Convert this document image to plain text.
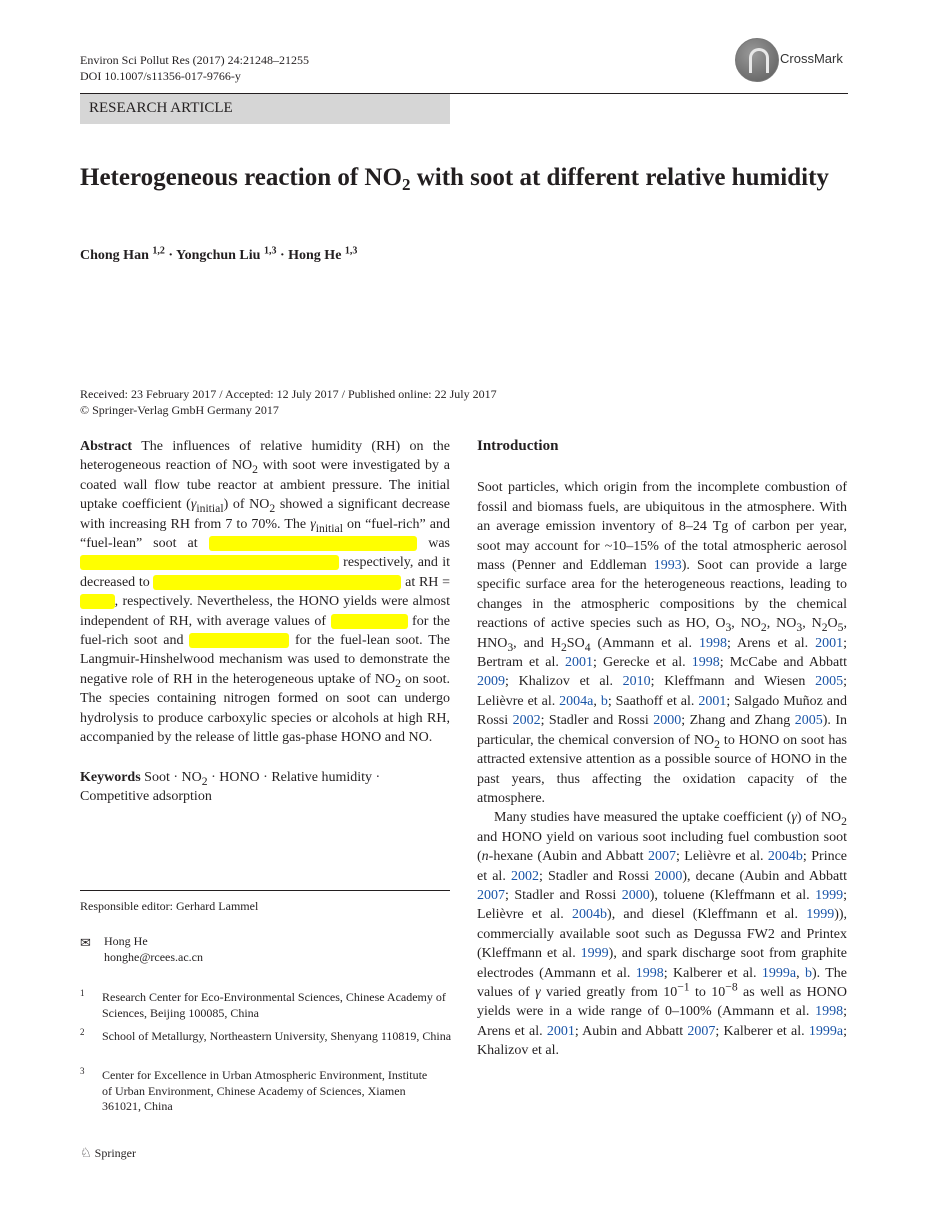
Environ Sci Pollut Res (2017) 24:21248–21255
DOI 10.1007/s11356-017-9766-y
CrossMark
RESEARCH ARTICLE
Heterogeneous reaction of $NO_2$ with soot at different relative humidity
Chong Han $^{1,2}$ · Yongchun Liu $^{1,3}$ · Hong He $^{1,3}$
Received: 23 February 2017 / Accepted: 12 July 2017 / Published online: 22 July 2017
© Springer-Verlag GmbH Germany 2017
Abstract The influences of relative humidity (RH) on the heterogeneous reaction of $NO_2$ with soot were investigated by a coated wall flow tube reactor at ambient pressure. The initial uptake coefficient $(\gamma_{initial})$ of $NO_2$ showed a significant decrease with increasing RH from 7 to 70%. The $\gamma_{initial}$ on “fuel-rich” and “fuel-lean” soot at	was                                                              respectively, and it decreased to	at RH =         , respectively. Nevertheless, the HONO yields were almost independent of RH, with average values of	for the fuel-rich soot and	for the fuel-lean soot. The Langmuir-Hinshelwood mechanism was used to demonstrate the negative role of RH in the heterogeneous uptake of $NO_2$ on soot. The species containing nitrogen formed on soot can undergo hydrolysis to produce carboxylic species or alcohols at high RH, accompanied by the release of little gas-phase HONO and NO.
Keywords Soot · $NO_2$ · HONO · Relative humidity · Competitive adsorption
Responsible editor: Gerhard Lammel
✉ Hong He
honghe@rcees.ac.cn
1 Research Center for Eco-Environmental Sciences, Chinese Academy of Sciences, Beijing 100085, China
2 School of Metallurgy, Northeastern University, Shenyang 110819, China
3 Center for Excellence in Urban Atmospheric Environment, Institute of Urban Environment, Chinese Academy of Sciences, Xiamen 361021, China
Introduction
Soot particles, which origin from the incomplete combustion of fossil and biomass fuels, are ubiquitous in the atmosphere. With an average emission inventory of 8–24 Tg of carbon per year, soot may account for ~10–15% of the total atmospheric aerosol mass (Penner and Eddleman 1993). Soot can provide a large specific surface area for the heterogeneous reactions, leading to changes in the atmospheric compositions by the chemical reactions of active species such as HO, $O_3$, $NO_2$, $NO_3$, $N_2O_5$, $HNO_3$, and $H_2SO_4$ (Ammann et al. 1998; Arens et al. 2001; Bertram et al. 2001; Gerecke et al. 1998; McCabe and Abbatt 2009; Khalizov et al. 2010; Kleffmann and Wiesen 2005; Lelièvre et al. 2004a, b; Saathoff et al. 2001; Salgado Muñoz and Rossi 2002; Stadler and Rossi 2000; Zhang and Zhang 2005). In particular, the chemical conversion of $NO_2$ to HONO on soot has attracted extensive attention as a possible source of HONO in the past years, thus affecting the oxidation capacity of the atmosphere.
Many studies have measured the uptake coefficient (γ) of $NO_2$ and HONO yield on various soot including fuel combustion soot (n-hexane (Aubin and Abbatt 2007; Lelièvre et al. 2004b; Prince et al. 2002; Stadler and Rossi 2000), decane (Aubin and Abbatt 2007; Stadler and Rossi 2000), toluene (Kleffmann et al. 1999; Lelièvre et al. 2004b), and diesel (Kleffmann et al. 1999)), commercially available soot such as Degussa FW2 and Printex (Kleffmann et al. 1999), and spark discharge soot from graphite electrodes (Ammann et al. 1998; Kalberer et al. 1999a, b). The values of γ varied greatly from $10^{-1}$ to $10^{-8}$ as well as HONO yields were in a wide range of 0–100% (Ammann et al. 1998; Arens et al. 2001; Aubin and Abbatt 2007; Kalberer et al. 1999a; Khalizov et al.
♘ Springer
